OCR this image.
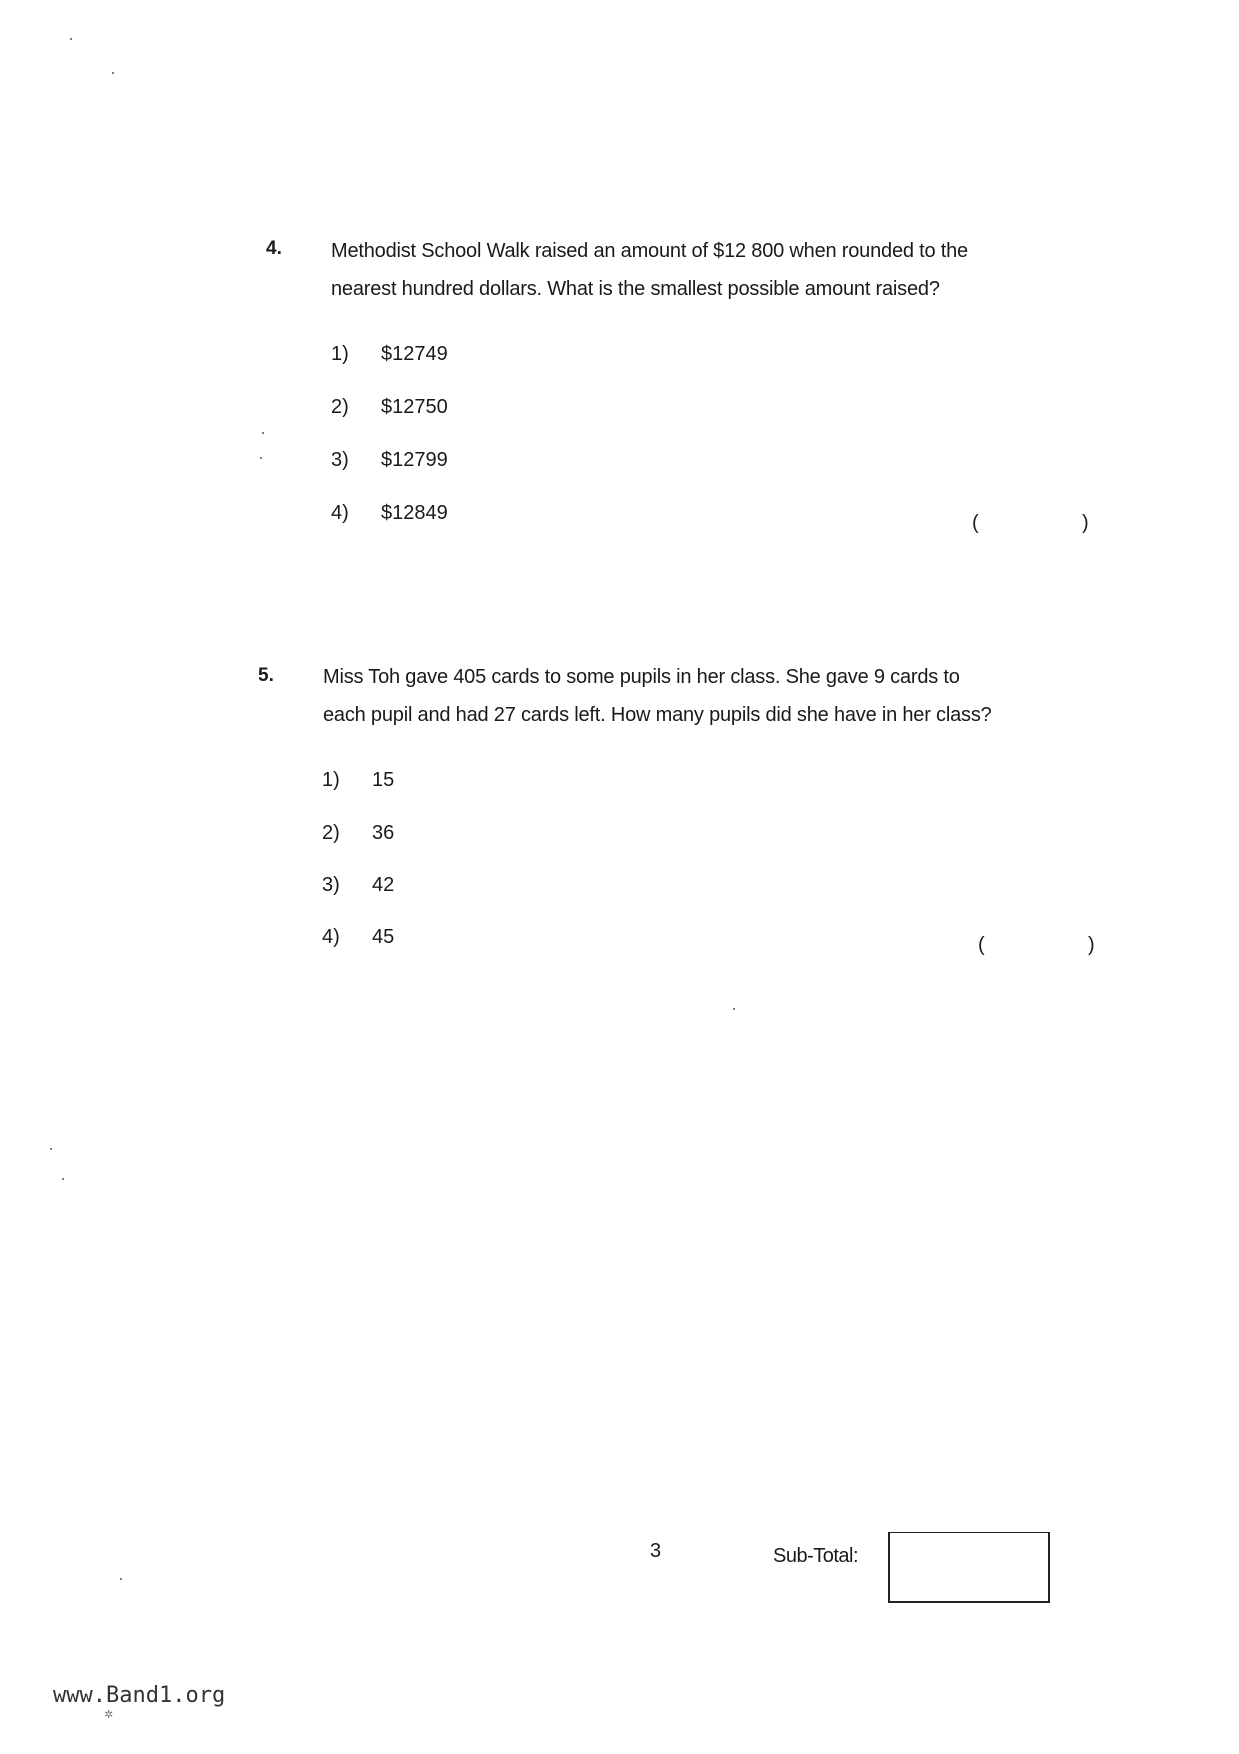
4. Methodist School Walk raised an amount of $12 800 when rounded to the
nearest hundred dollars. What is the smallest possible amount raised?
1)	$12749
2)	$12750
3)	$12799
4)	$12849	(	)
5. Miss Toh gave 405 cards to some pupils in her class. She gave 9 cards to
each pupil and had 27 cards left. How many pupils did she have in her class?
1)	15
2)	36
3)	42
4)	45	(	)
3	Sub-Total:
www.Band1.org
✲
